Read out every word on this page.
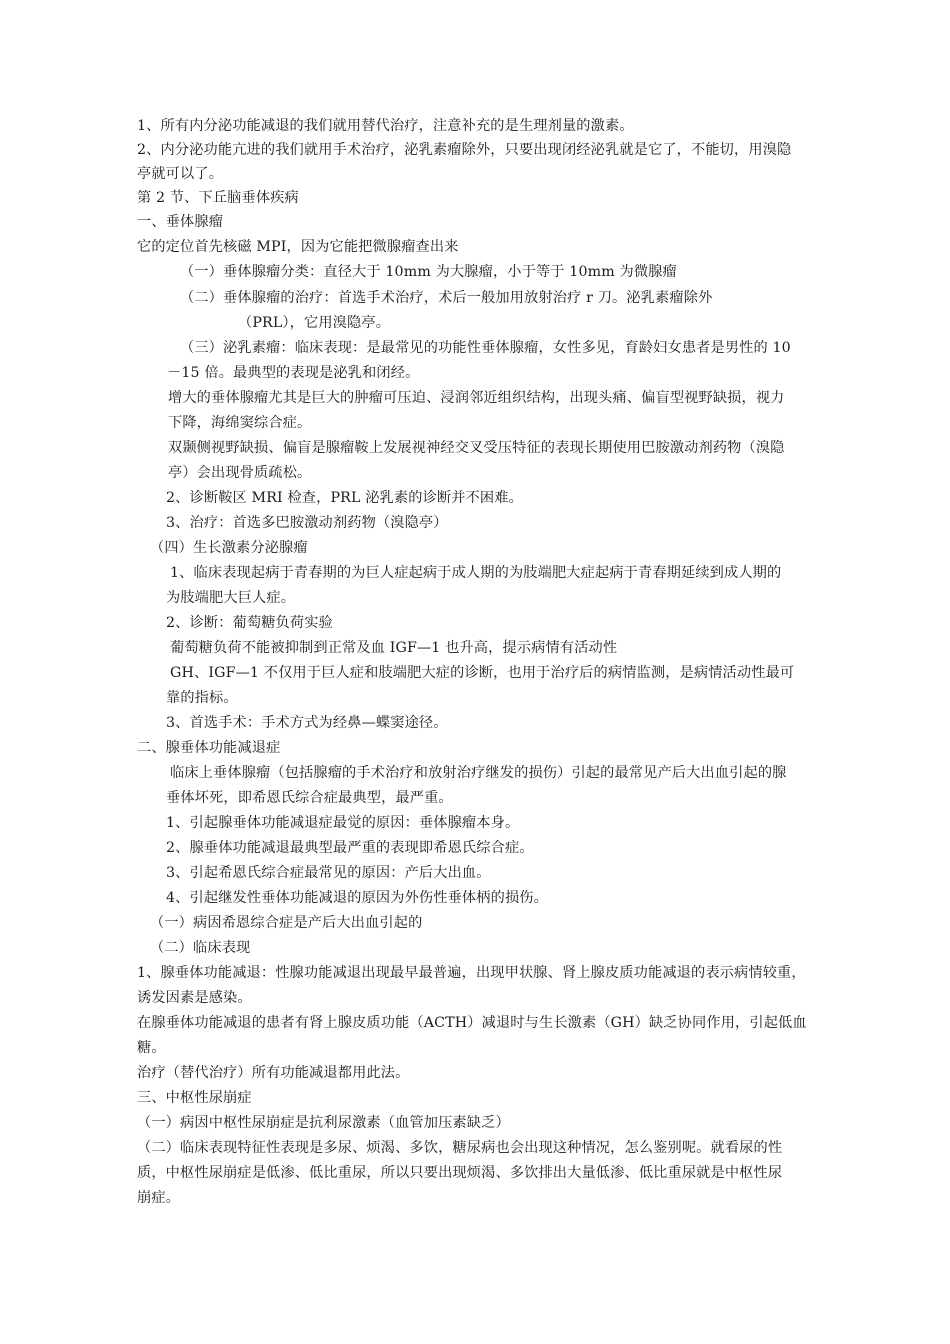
1、所有内分泌功能减退的我们就用替代治疗，注意补充的是生理剂量的激素。
2、内分泌功能亢进的我们就用手术治疗，泌乳素瘤除外，只要出现闭经泌乳就是它了，不能切，用溴隐
亭就可以了。
第 2 节、下丘脑垂体疾病
一、垂体腺瘤
它的定位首先核磁 MPI，因为它能把微腺瘤查出来
（一）垂体腺瘤分类：直径大于 10mm 为大腺瘤，小于等于 10mm 为微腺瘤
（二）垂体腺瘤的治疗：首选手术治疗，术后一般加用放射治疗 r 刀。泌乳素瘤除外
（PRL），它用溴隐亭。
（三）泌乳素瘤：临床表现：是最常见的功能性垂体腺瘤，女性多见，育龄妇女患者是男性的 10
－15 倍。最典型的表现是泌乳和闭经。
增大的垂体腺瘤尤其是巨大的肿瘤可压迫、浸润邻近组织结构，出现头痛、偏盲型视野缺损，视力
下降，海绵窦综合症。
双颞侧视野缺损、偏盲是腺瘤鞍上发展视神经交叉受压特征的表现长期使用巴胺激动剂药物（溴隐
亭）会出现骨质疏松。
2、诊断鞍区 MRI 检查，PRL 泌乳素的诊断并不困难。
3、治疗：首选多巴胺激动剂药物（溴隐亭）
（四）生长激素分泌腺瘤
1、临床表现起病于青春期的为巨人症起病于成人期的为肢端肥大症起病于青春期延续到成人期的
为肢端肥大巨人症。
2、诊断：葡萄糖负荷实验
葡萄糖负荷不能被抑制到正常及血 IGF—1 也升高，提示病情有活动性
GH、IGF—1 不仅用于巨人症和肢端肥大症的诊断，也用于治疗后的病情监测，是病情活动性最可
靠的指标。
3、首选手术：手术方式为经鼻—蝶窦途径。
二、腺垂体功能减退症
临床上垂体腺瘤（包括腺瘤的手术治疗和放射治疗继发的损伤）引起的最常见产后大出血引起的腺
垂体坏死，即希恩氏综合症最典型，最严重。
1、引起腺垂体功能减退症最觉的原因：垂体腺瘤本身。
2、腺垂体功能减退最典型最严重的表现即希恩氏综合症。
3、引起希恩氏综合症最常见的原因：产后大出血。
4、引起继发性垂体功能减退的原因为外伤性垂体柄的损伤。
（一）病因希恩综合症是产后大出血引起的
（二）临床表现
1、腺垂体功能减退：性腺功能减退出现最早最普遍，出现甲状腺、肾上腺皮质功能减退的表示病情较重，
诱发因素是感染。
在腺垂体功能减退的患者有肾上腺皮质功能（ACTH）减退时与生长激素（GH）缺乏协同作用，引起低血
糖。
治疗（替代治疗）所有功能减退都用此法。
三、中枢性尿崩症
（一）病因中枢性尿崩症是抗利尿激素（血管加压素缺乏）
（二）临床表现特征性表现是多尿、烦渴、多饮，糖尿病也会出现这种情况，怎么鉴别呢。就看尿的性
质，中枢性尿崩症是低渗、低比重尿，所以只要出现烦渴、多饮排出大量低渗、低比重尿就是中枢性尿
崩症。
